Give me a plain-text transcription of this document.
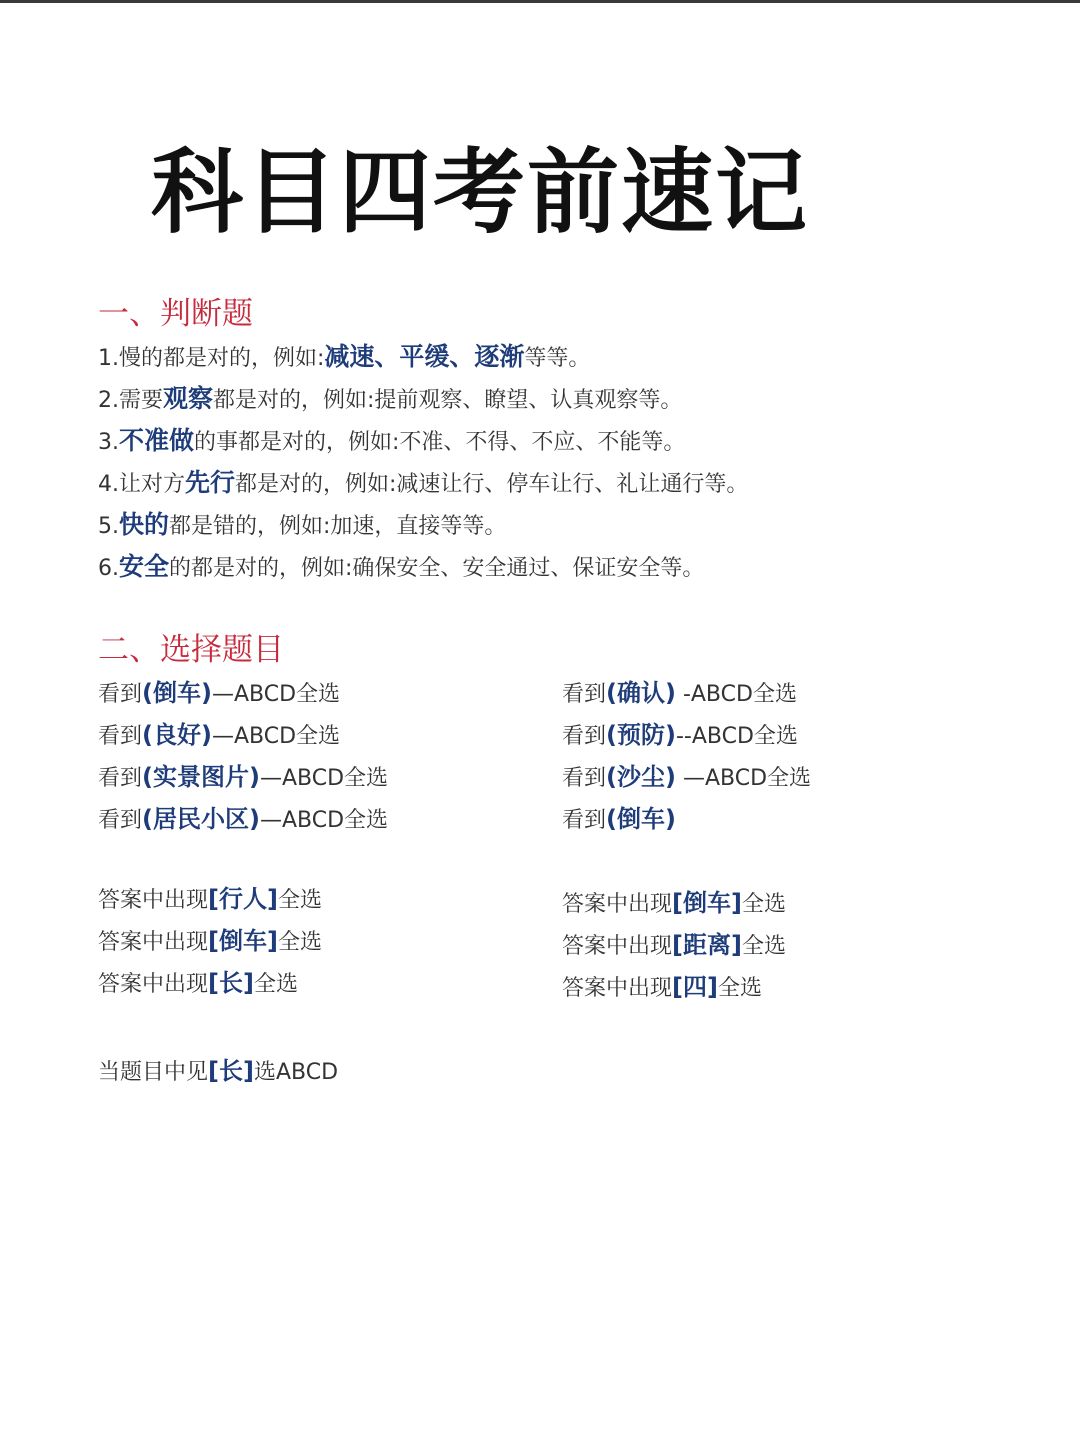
科目四考前速记
一、判断题
1.慢的都是对的，例如:减速、平缓、逐渐等等。
2.需要观察都是对的，例如:提前观察、瞭望、认真观察等。
3.不准做的事都是对的，例如:不准、不得、不应、不能等。
4.让对方先行都是对的，例如:减速让行、停车让行、礼让通行等。
5.快的都是错的，例如:加速，直接等等。
6.安全的都是对的，例如:确保安全、安全通过、保证安全等。
二、选择题目
看到(倒车)—ABCD全选
看到(良好)—ABCD全选
看到(实景图片)—ABCD全选
看到(居民小区)—ABCD全选
看到(确认) -ABCD全选
看到(预防)--ABCD全选
看到(沙尘) —ABCD全选
看到(倒车)
答案中出现[行人]全选
答案中出现[倒车]全选
答案中出现[长]全选
答案中出现[倒车]全选
答案中出现[距离]全选
答案中出现[四]全选
当题目中见[长]选ABCD
